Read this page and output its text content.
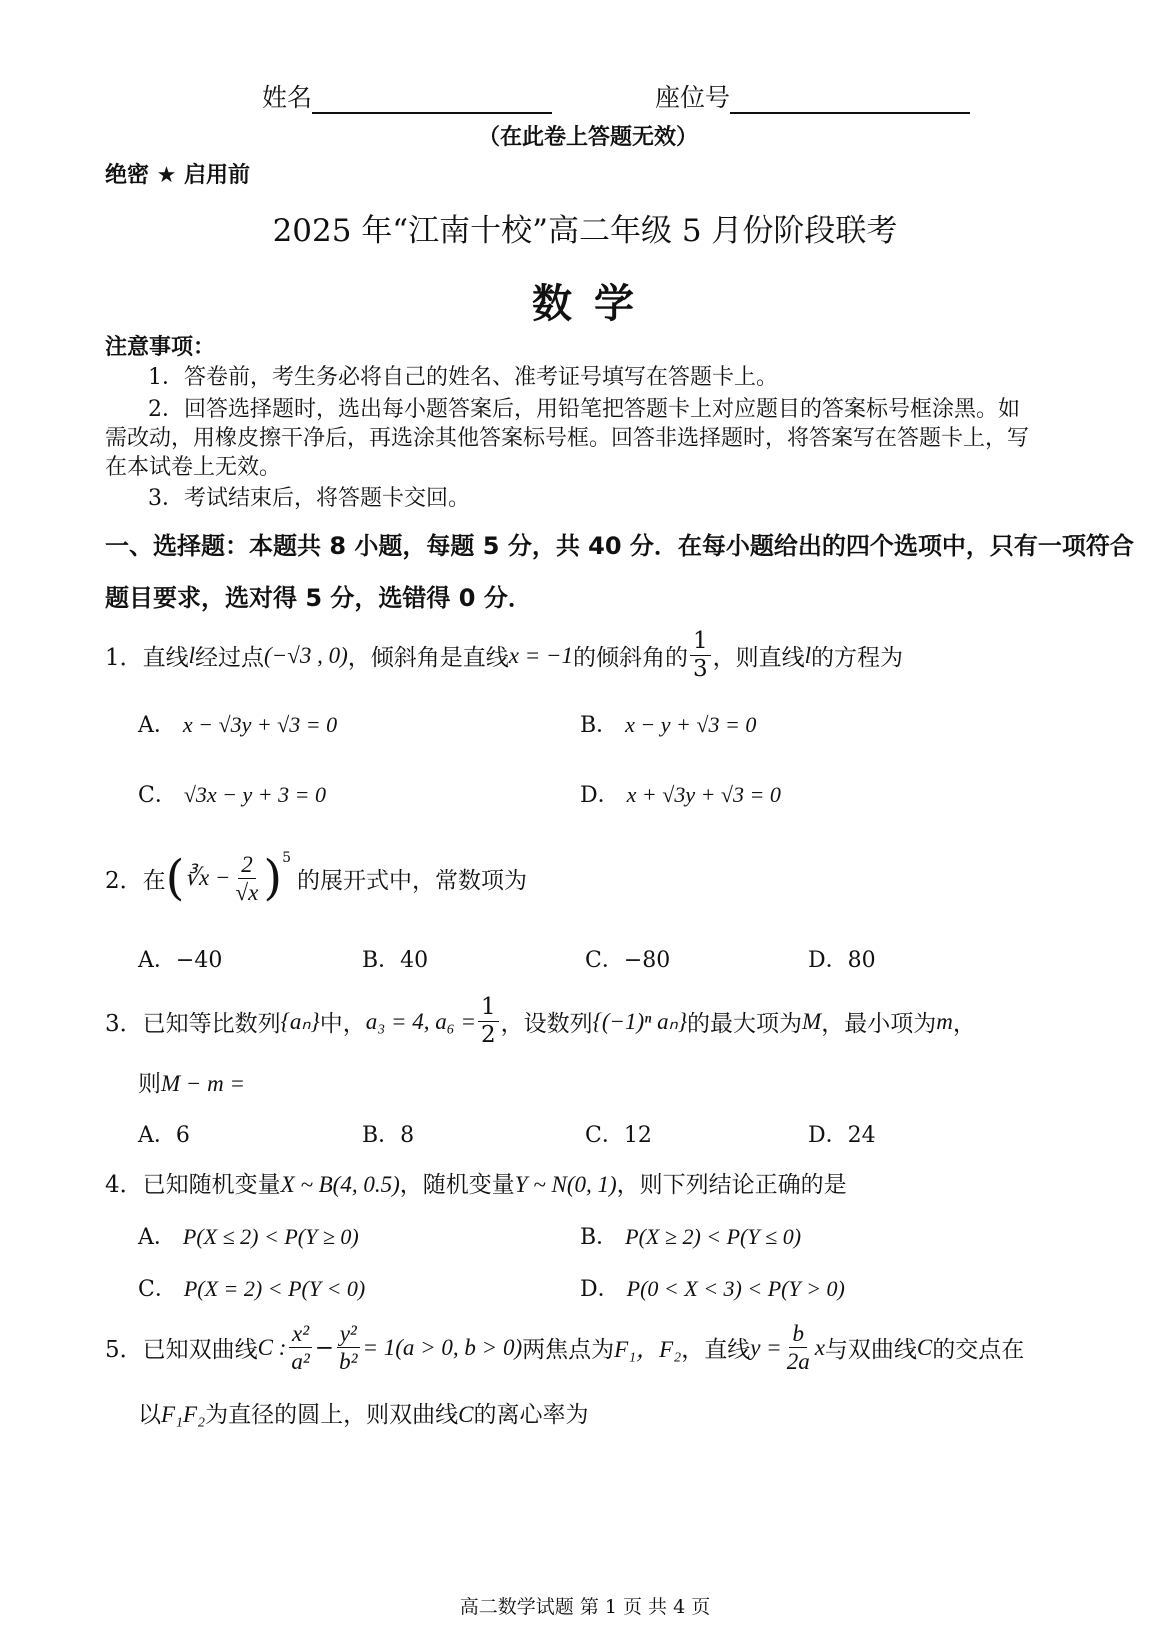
姓名	座位号
（在此卷上答题无效）
绝密 ★ 启用前
2025 年“江南十校”高二年级 5 月份阶段联考
数 学
注意事项：
1．答卷前，考生务必将自己的姓名、准考证号填写在答题卡上。
2．回答选择题时，选出每小题答案后，用铅笔把答题卡上对应题目的答案标号框涂黑。如
需改动，用橡皮擦干净后，再选涂其他答案标号框。回答非选择题时，将答案写在答题卡上，写
在本试卷上无效。
3．考试结束后，将答题卡交回。
一、选择题：本题共 8 小题，每题 5 分，共 40 分．在每小题给出的四个选项中，只有一项符合
题目要求，选对得 5 分，选错得 0 分．
1．直线 l 经过点 (−√3 , 0) ，倾斜角是直线 x = −1 的倾斜角的 $\frac{1}{3}$ ，则直线 l 的方程为
A． x − √3y + √3 = 0	B． x − y + √3 = 0
C． √3x − y + 3 = 0	D． x + √3y + √3 = 0
2．在 ( ∛x − $\frac{2}{√x} )^5$
的展开式中，常数项为
A．−40	B．40	C．−80	D．80
3．已知等比数列 {aₙ} 中， a₃ = 4, $a_6 = \frac{1}{2}$ ，设数列 {(−1)ⁿ aₙ} 的最大项为 M ，最小项为 m ，
则M − m =
A．6	B．8	C．12	D．24
4．已知随机变量X ~ B(4, 0.5)，随机变量Y ~ N(0, 1)，则下列结论正确的是
A． P(X ≤ 2) < P(Y ≥ 0)	B． P(X ≥ 2) < P(Y ≤ 0)
C． P(X = 2) < P(Y < 0)	D． P(0 < X < 3) < P(Y > 0)
5．已知双曲线 C : $\frac{\text{x²}}{\text{a²}} - \frac{\text{y²}}{\text{b²}} = 1(a > 0$, b > 0) 两焦点为 F₁，F₂ ，直线 $y = \frac{b}{2a}$ x 与双曲线 C 的交点在
以F₁F₂为直径的圆上，则双曲线C的离心率为
高二数学试题 第 1 页 共 4 页
